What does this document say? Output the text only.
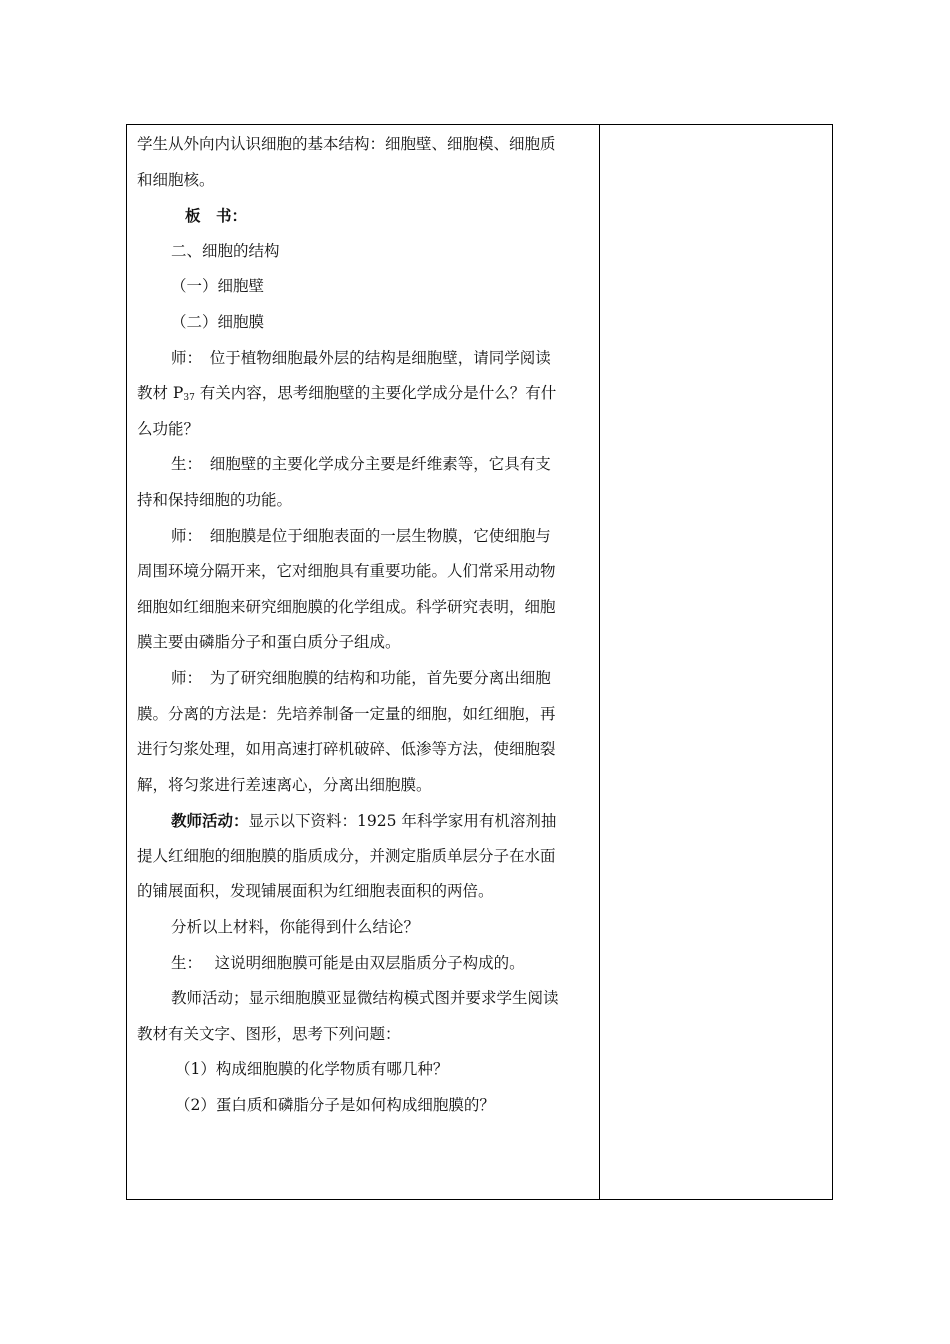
学生从外向内认识细胞的基本结构：细胞壁、细胞模、细胞质
和细胞核。
板　书：
二、细胞的结构
（一）细胞壁
（二）细胞膜
师：　位于植物细胞最外层的结构是细胞壁，请同学阅读
教材 $P_{37}$ 有关内容，思考细胞壁的主要化学成分是什么？有什
么功能？
生：　细胞壁的主要化学成分主要是纤维素等，它具有支
持和保持细胞的功能。
师：　细胞膜是位于细胞表面的一层生物膜，它使细胞与
周围环境分隔开来，它对细胞具有重要功能。人们常采用动物
细胞如红细胞来研究细胞膜的化学组成。科学研究表明，细胞
膜主要由磷脂分子和蛋白质分子组成。
师：　为了研究细胞膜的结构和功能，首先要分离出细胞
膜。分离的方法是：先培养制备一定量的细胞，如红细胞，再
进行匀浆处理，如用高速打碎机破碎、低渗等方法，使细胞裂
解，将匀浆进行差速离心，分离出细胞膜。
教师活动：显示以下资料：1925 年科学家用有机溶剂抽
提人红细胞的细胞膜的脂质成分，并测定脂质单层分子在水面
的铺展面积，发现铺展面积为红细胞表面积的两倍。
分析以上材料，你能得到什么结论？
生：　 这说明细胞膜可能是由双层脂质分子构成的。
教师活动；显示细胞膜亚显微结构模式图并要求学生阅读
教材有关文字、图形，思考下列问题：
（1）构成细胞膜的化学物质有哪几种？
（2）蛋白质和磷脂分子是如何构成细胞膜的？
